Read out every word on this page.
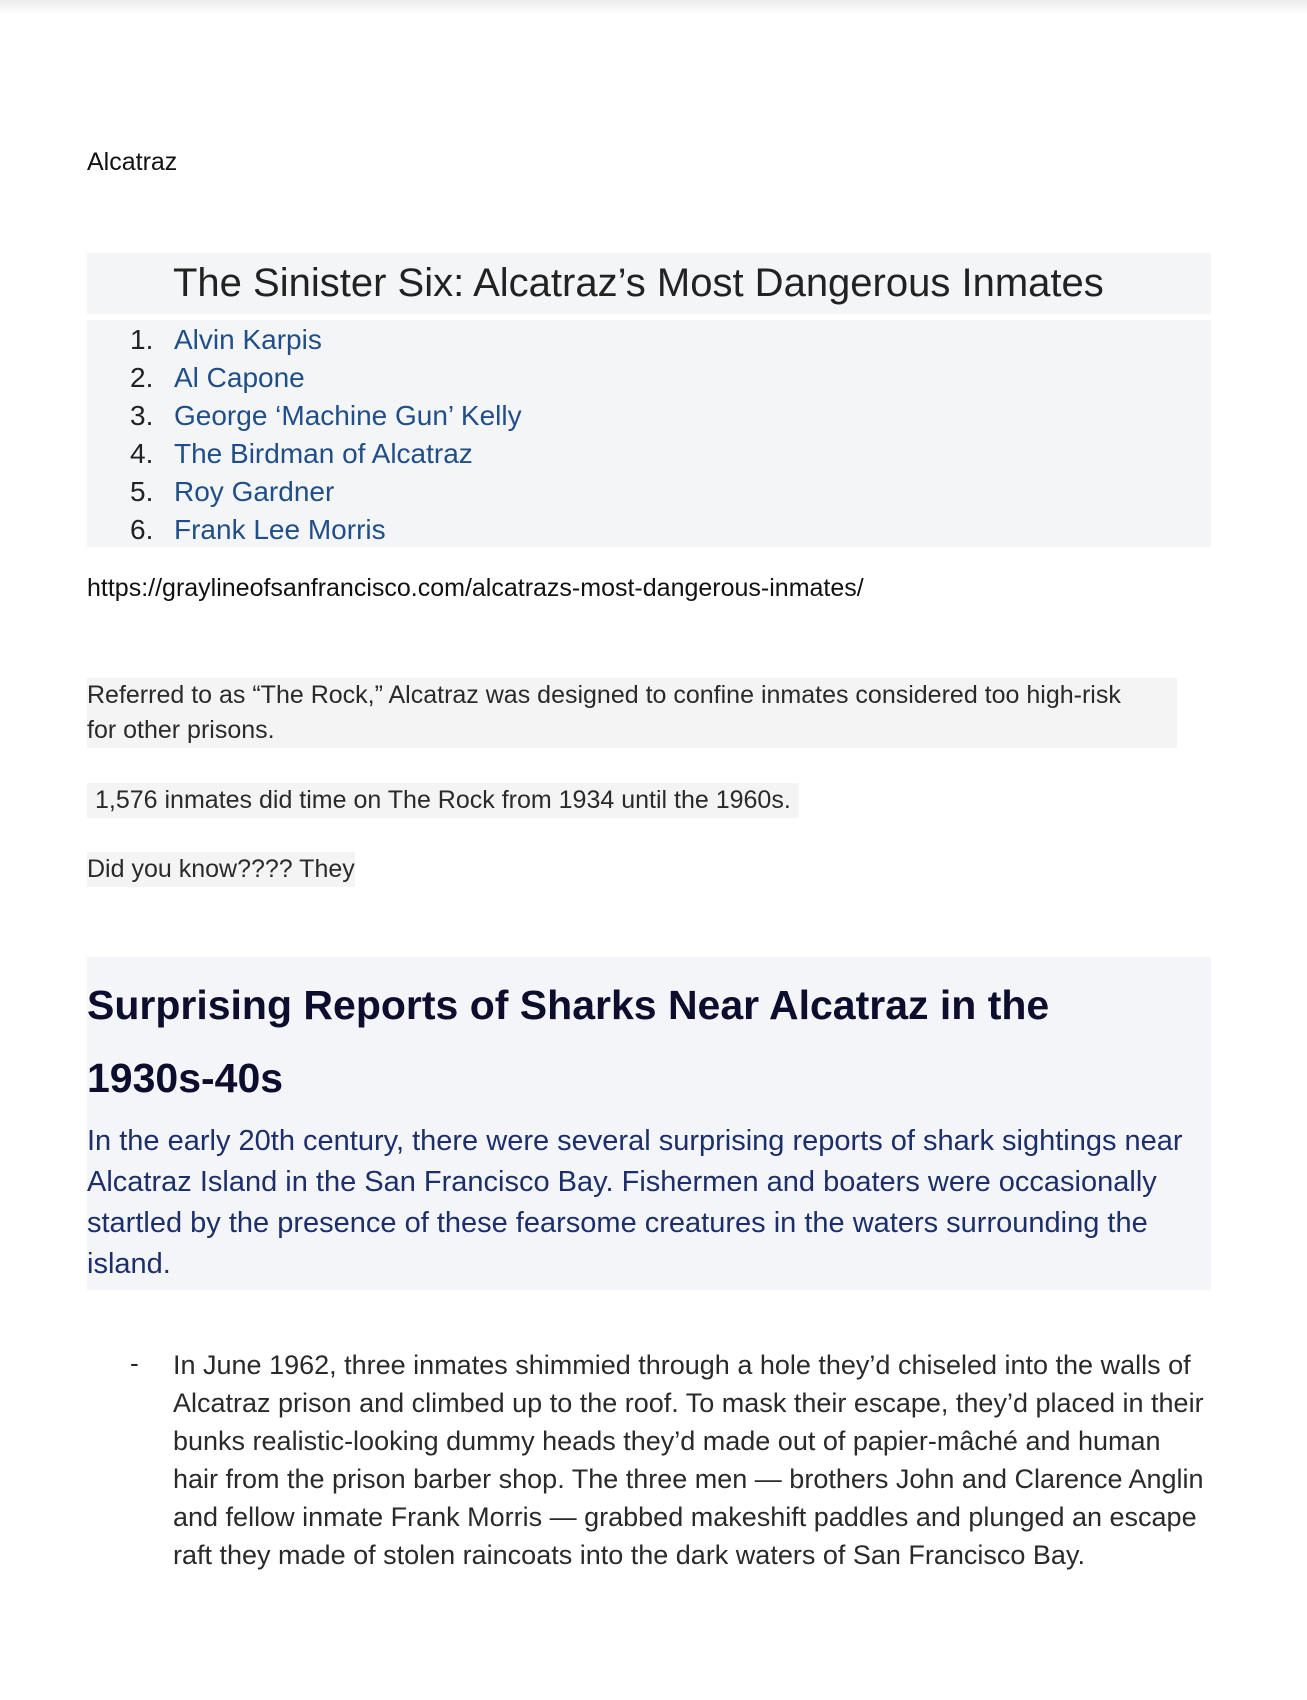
Alcatraz
The Sinister Six: Alcatraz’s Most Dangerous Inmates
1. Alvin Karpis
2. Al Capone
3. George ‘Machine Gun’ Kelly
4. The Birdman of Alcatraz
5. Roy Gardner
6. Frank Lee Morris
https://graylineofsanfrancisco.com/alcatrazs-most-dangerous-inmates/
Referred to as “The Rock,” Alcatraz was designed to confine inmates considered too high-risk
for other prisons.
1,576 inmates did time on The Rock from 1934 until the 1960s.
Did you know???? They
Surprising Reports of Sharks Near Alcatraz in the
1930s-40s
In the early 20th century, there were several surprising reports of shark sightings near Alcatraz Island in the San Francisco Bay. Fishermen and boaters were occasionally startled by the presence of these fearsome creatures in the waters surrounding the island.
- In June 1962, three inmates shimmied through a hole they’d chiseled into the walls of Alcatraz prison and climbed up to the roof. To mask their escape, they’d placed in their bunks realistic-looking dummy heads they’d made out of papier-mâché and human hair from the prison barber shop. The three men — brothers John and Clarence Anglin and fellow inmate Frank Morris — grabbed makeshift paddles and plunged an escape raft they made of stolen raincoats into the dark waters of San Francisco Bay.
